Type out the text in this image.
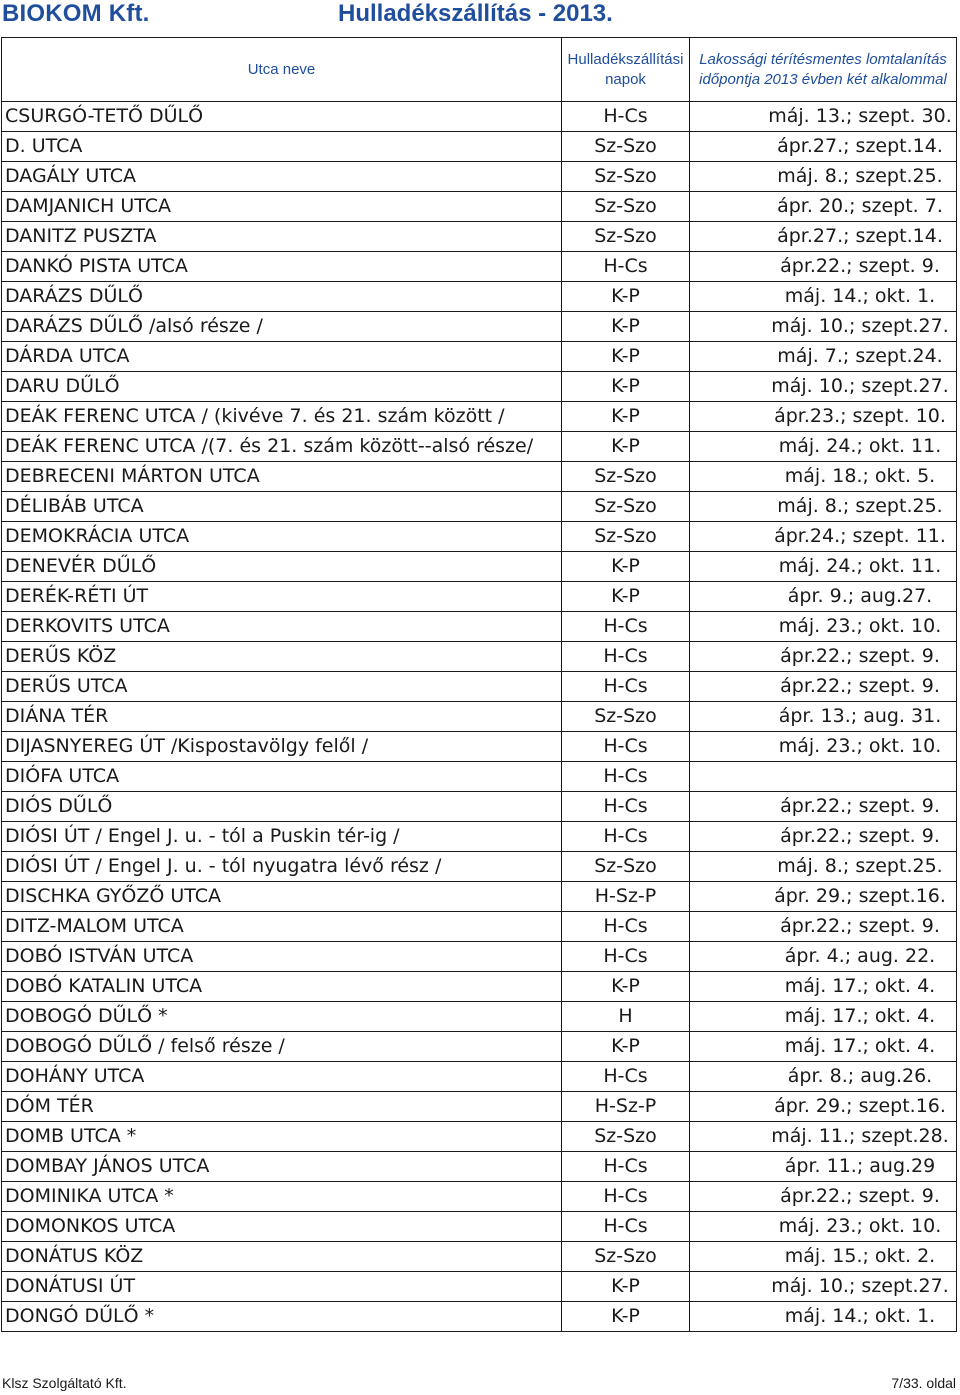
BIOKOM Kft.	Hulladékszállítás - 2013.
Utca neve	Hulladékszállítási napok	Lakossági térítésmentes lomtalanítás időpontja 2013 évben két alkalommal
CSURGÓ-TETŐ DŰLŐ	H-Cs	máj. 13.; szept. 30.
D. UTCA	Sz-Szo	ápr.27.; szept.14.
DAGÁLY UTCA	Sz-Szo	máj. 8.; szept.25.
DAMJANICH UTCA	Sz-Szo	ápr. 20.; szept. 7.
DANITZ PUSZTA	Sz-Szo	ápr.27.; szept.14.
DANKÓ PISTA UTCA	H-Cs	ápr.22.; szept. 9.
DARÁZS DŰLŐ	K-P	máj. 14.; okt. 1.
DARÁZS DŰLŐ /alsó része /	K-P	máj. 10.; szept.27.
DÁRDA UTCA	K-P	máj. 7.; szept.24.
DARU DŰLŐ	K-P	máj. 10.; szept.27.
DEÁK FERENC UTCA / (kivéve 7. és 21. szám között /	K-P	ápr.23.; szept. 10.
DEÁK FERENC UTCA /(7. és 21. szám között--alsó része/	K-P	máj. 24.; okt. 11.
DEBRECENI MÁRTON UTCA	Sz-Szo	máj. 18.; okt. 5.
DÉLIBÁB UTCA	Sz-Szo	máj. 8.; szept.25.
DEMOKRÁCIA UTCA	Sz-Szo	ápr.24.; szept. 11.
DENEVÉR DŰLŐ	K-P	máj. 24.; okt. 11.
DERÉK-RÉTI ÚT	K-P	ápr. 9.; aug.27.
DERKOVITS UTCA	H-Cs	máj. 23.; okt. 10.
DERŰS KÖZ	H-Cs	ápr.22.; szept. 9.
DERŰS UTCA	H-Cs	ápr.22.; szept. 9.
DIÁNA TÉR	Sz-Szo	ápr. 13.; aug. 31.
DIJASNYEREG ÚT /Kispostavölgy felől /	H-Cs	máj. 23.; okt. 10.
DIÓFA UTCA	H-Cs	
DIÓS DŰLŐ	H-Cs	ápr.22.; szept. 9.
DIÓSI ÚT / Engel J. u. - tól a Puskin tér-ig /	H-Cs	ápr.22.; szept. 9.
DIÓSI ÚT / Engel J. u. - tól nyugatra lévő rész /	Sz-Szo	máj. 8.; szept.25.
DISCHKA GYŐZŐ UTCA	H-Sz-P	ápr. 29.; szept.16.
DITZ-MALOM UTCA	H-Cs	ápr.22.; szept. 9.
DOBÓ ISTVÁN UTCA	H-Cs	ápr. 4.; aug. 22.
DOBÓ KATALIN UTCA	K-P	máj. 17.; okt. 4.
DOBOGÓ DŰLŐ *	H	máj. 17.; okt. 4.
DOBOGÓ DŰLŐ / felső része /	K-P	máj. 17.; okt. 4.
DOHÁNY UTCA	H-Cs	ápr. 8.; aug.26.
DÓM TÉR	H-Sz-P	ápr. 29.; szept.16.
DOMB UTCA *	Sz-Szo	máj. 11.; szept.28.
DOMBAY JÁNOS UTCA	H-Cs	ápr. 11.; aug.29
DOMINIKA UTCA *	H-Cs	ápr.22.; szept. 9.
DOMONKOS UTCA	H-Cs	máj. 23.; okt. 10.
DONÁTUS KÖZ	Sz-Szo	máj. 15.; okt. 2.
DONÁTUSI ÚT	K-P	máj. 10.; szept.27.
DONGÓ DŰLŐ *	K-P	máj. 14.; okt. 1.
Klsz Szolgáltató Kft.	7/33. oldal
